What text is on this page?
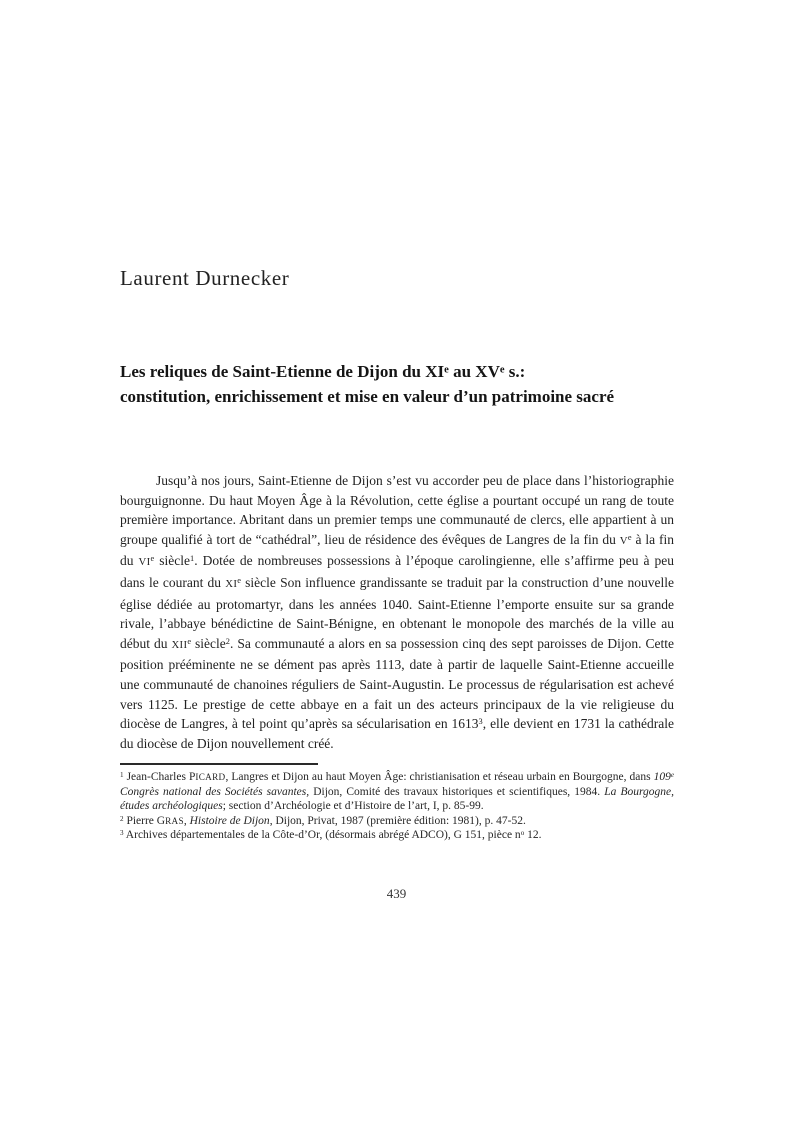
Laurent Durnecker
Les reliques de Saint-Etienne de Dijon du XIe au XVe s.:
constitution, enrichissement et mise en valeur d’un patrimoine sacré

Jusqu’à nos jours, Saint-Etienne de Dijon s’est vu accorder peu de place dans l’historiographie bourguignonne. Du haut Moyen Âge à la Révolution, cette église a pourtant occupé un rang de toute première importance. Abritant dans un premier temps une communauté de clercs, elle appartient à un groupe qualifié à tort de “cathédral”, lieu de résidence des évêques de Langres de la fin du Ve à la fin du VIe siècle$^1$. Dotée de nombreuses possessions à l’époque carolingienne, elle s’affirme peu à peu dans le courant du XIe siècle Son influence grandissante se traduit par la construction d’une nouvelle église dédiée au protomartyr, dans les années 1040. Saint-Etienne l’emporte ensuite sur sa grande rivale, l’abbaye bénédictine de Saint-Bénigne, en obtenant le monopole des marchés de la ville au début du XIIe siècle$^2$. Sa communauté a alors en sa possession cinq des sept paroisses de Dijon. Cette position prééminente ne se dément pas après 1113, date à partir de laquelle Saint-Etienne accueille une communauté de chanoines réguliers de Saint-Augustin. Le processus de régularisation est achevé vers 1125. Le prestige de cette abbaye en a fait un des acteurs principaux de la vie religieuse du diocèse de Langres, à tel point qu’après sa sécularisation en 1613$^3$, elle devient en 1731 la cathédrale du diocèse de Dijon nouvellement créé.

$^1$ Jean-Charles PICARD, Langres et Dijon au haut Moyen Âge: christianisation et réseau urbain en Bourgogne, dans 109e Congrès national des Sociétés savantes, Dijon, Comité des travaux historiques et scientifiques, 1984. La Bourgogne, études archéologiques; section d’Archéologie et d’Histoire de l’art, I, p. 85-99.

$^2$ Pierre GRAS, Histoire de Dijon, Dijon, Privat, 1987 (première édition: 1981), p. 47-52.

$^3$ Archives départementales de la Côte-d’Or, (désormais abrégé ADCO), G 151, pièce $n^o$ 12.

439
